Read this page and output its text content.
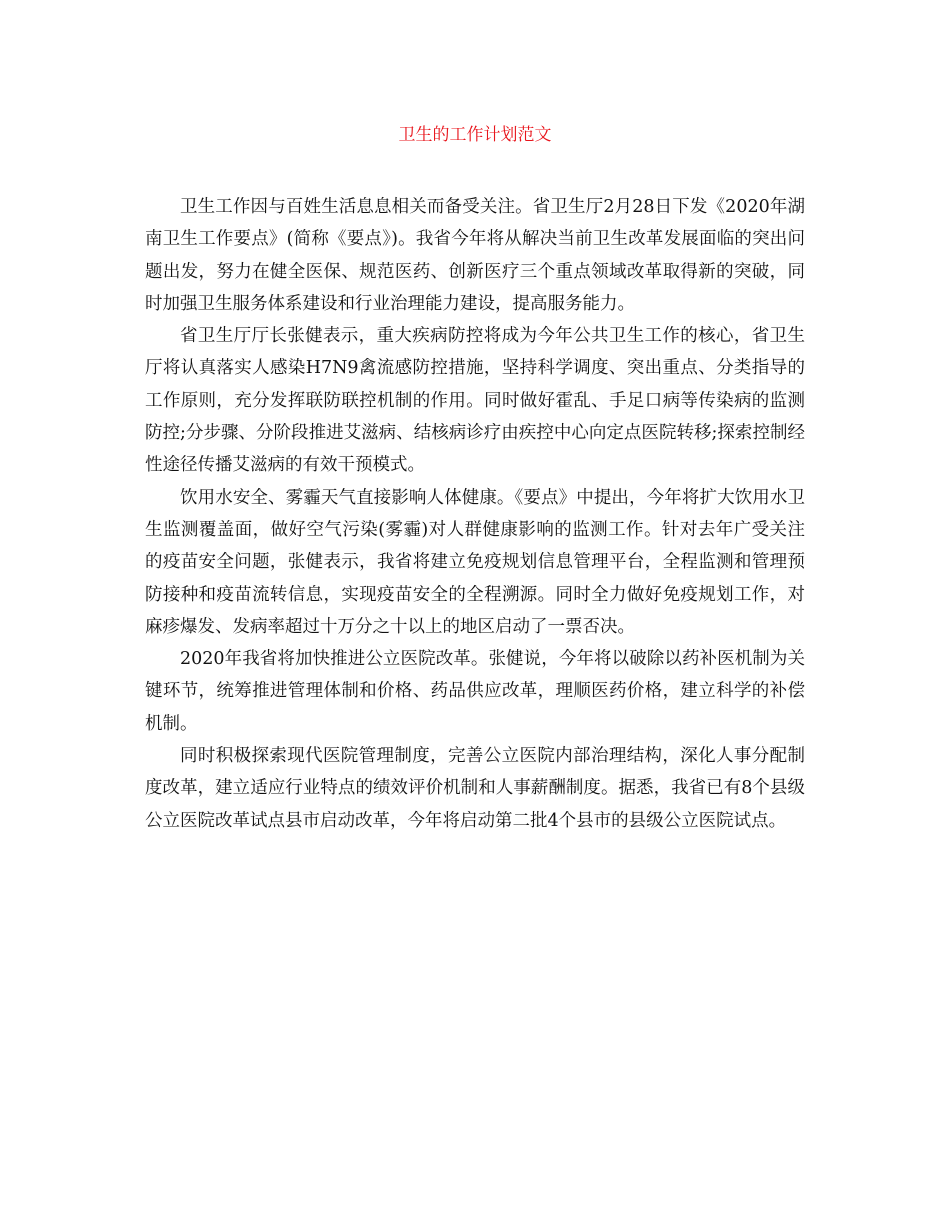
卫生的工作计划范文

卫生工作因与百姓生活息息相关而备受关注。省卫生厅2月28日下发《2020年湖南卫生工作要点》(简称《要点》)。我省今年将从解决当前卫生改革发展面临的突出问题出发，努力在健全医保、规范医药、创新医疗三个重点领域改革取得新的突破，同时加强卫生服务体系建设和行业治理能力建设，提高服务能力。

省卫生厅厅长张健表示，重大疾病防控将成为今年公共卫生工作的核心，省卫生厅将认真落实人感染H7N9禽流感防控措施，坚持科学调度、突出重点、分类指导的工作原则，充分发挥联防联控机制的作用。同时做好霍乱、手足口病等传染病的监测防控;分步骤、分阶段推进艾滋病、结核病诊疗由疾控中心向定点医院转移;探索控制经性途径传播艾滋病的有效干预模式。

饮用水安全、雾霾天气直接影响人体健康。《要点》中提出，今年将扩大饮用水卫生监测覆盖面，做好空气污染(雾霾)对人群健康影响的监测工作。针对去年广受关注的疫苗安全问题，张健表示，我省将建立免疫规划信息管理平台，全程监测和管理预防接种和疫苗流转信息，实现疫苗安全的全程溯源。同时全力做好免疫规划工作，对麻疹爆发、发病率超过十万分之十以上的地区启动了一票否决。

2020年我省将加快推进公立医院改革。张健说，今年将以破除以药补医机制为关键环节，统筹推进管理体制和价格、药品供应改革，理顺医药价格，建立科学的补偿机制。

同时积极探索现代医院管理制度，完善公立医院内部治理结构，深化人事分配制度改革，建立适应行业特点的绩效评价机制和人事薪酬制度。据悉，我省已有8个县级公立医院改革试点县市启动改革，今年将启动第二批4个县市的县级公立医院试点。
